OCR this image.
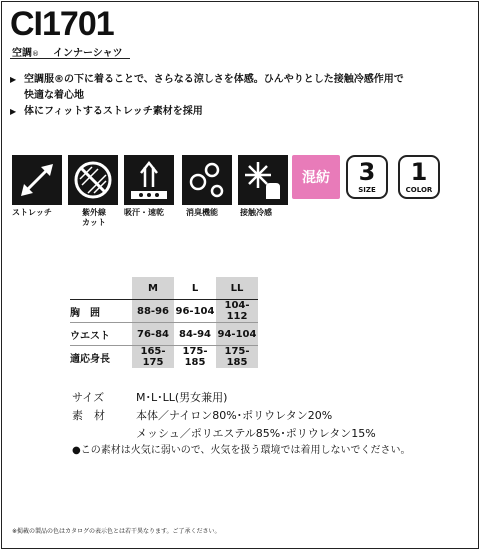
CI1701
空調® インナーシャツ
▶ 空調服®の下に着ることで、さらなる涼しさを体感。ひんやりとした接触冷感作用で
快適な着心地
▶ 体にフィットするストレッチ素材を採用
ストレッチ	紫外線
カット
吸汗・速乾	消臭機能	接触冷感
混紡	3
SIZE
1
COLOR
	M	L	LL
胸　囲	88-96	96-104	104-112
ウエスト	76-84	84-94	94-104
適応身長	165-175	175-185	175-185
サイズ	M･L･LL(男女兼用)
素　材	本体／ナイロン80%･ポリウレタン20%
メッシュ／ポリエステル85%･ポリウレタン15%
●この素材は火気に弱いので、火気を扱う環境では着用しないでください。
※掲載の製品の色はカタログの表示色とは若干異なります。ご了承ください。
